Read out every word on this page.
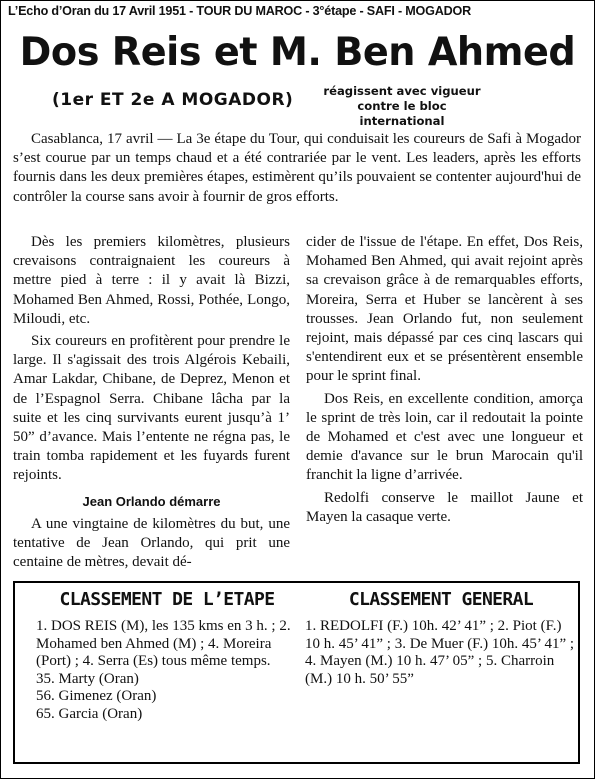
L’Echo d’Oran du 17 Avril 1951 - TOUR DU MAROC - 3°étape - SAFI - MOGADOR
Dos Reis et M. Ben Ahmed
(1er ET 2e A MOGADOR)	réagissent avec vigueur
contre le bloc international

Casablanca, 17 avril — La 3e étape du Tour, qui conduisait les coureurs de Safi à Mogador s’est courue par un temps chaud et a été contrariée par le vent. Les leaders, après les efforts fournis dans les deux premières étapes, estimèrent qu’ils pouvaient se contenter aujourd'hui de contrôler la course sans avoir à fournir de gros efforts.

Dès les premiers kilomètres, plusieurs crevaisons contraignaient les coureurs à mettre pied à terre : il y avait là Bizzi, Mohamed Ben Ahmed, Rossi, Pothée, Longo, Miloudi, etc.

Six coureurs en profitèrent pour prendre le large. Il s'agissait des trois Algérois Kebaili, Amar Lakdar, Chibane, de Deprez, Menon et de l’Espagnol Serra. Chibane lâcha par la suite et les cinq survivants eurent jusqu’à 1’ 50” d’avance. Mais l’entente ne régna pas, le train tomba rapidement et les fuyards furent rejoints.

Jean Orlando démarre

A une vingtaine de kilomètres du but, une tentative de Jean Orlando, qui prit une centaine de mètres, devait dé-

cider de l'issue de l'étape. En effet, Dos Reis, Mohamed Ben Ahmed, qui avait rejoint après sa crevaison grâce à de remarquables efforts, Moreira, Serra et Huber se lancèrent à ses trousses. Jean Orlando fut, non seulement rejoint, mais dépassé par ces cinq lascars qui s'entendirent eux et se présentèrent ensemble pour le sprint final.

Dos Reis, en excellente condition, amorça le sprint de très loin, car il redoutait la pointe de Mohamed et c'est avec une longueur et demie d'avance sur le brun Marocain qu'il franchit la ligne d’arrivée.

Redolfi conserve le maillot Jaune et Mayen la casaque verte.

CLASSEMENT DE L’ETAPE

1. DOS REIS (M), les 135 kms en 3 h. ; 2. Mohamed ben Ahmed (M) ; 4. Moreira (Port) ; 4. Serra (Es) tous même temps.

35. Marty (Oran)
56. Gimenez (Oran)
65. Garcia (Oran)
CLASSEMENT GENERAL

1. REDOLFI (F.) 10h. 42’ 41” ; 2. Piot (F.) 10 h. 45’ 41” ; 3. De Muer (F.) 10h. 45’ 41” ; 4. Mayen (M.) 10 h. 47’ 05” ; 5. Charroin (M.) 10 h. 50’ 55”
